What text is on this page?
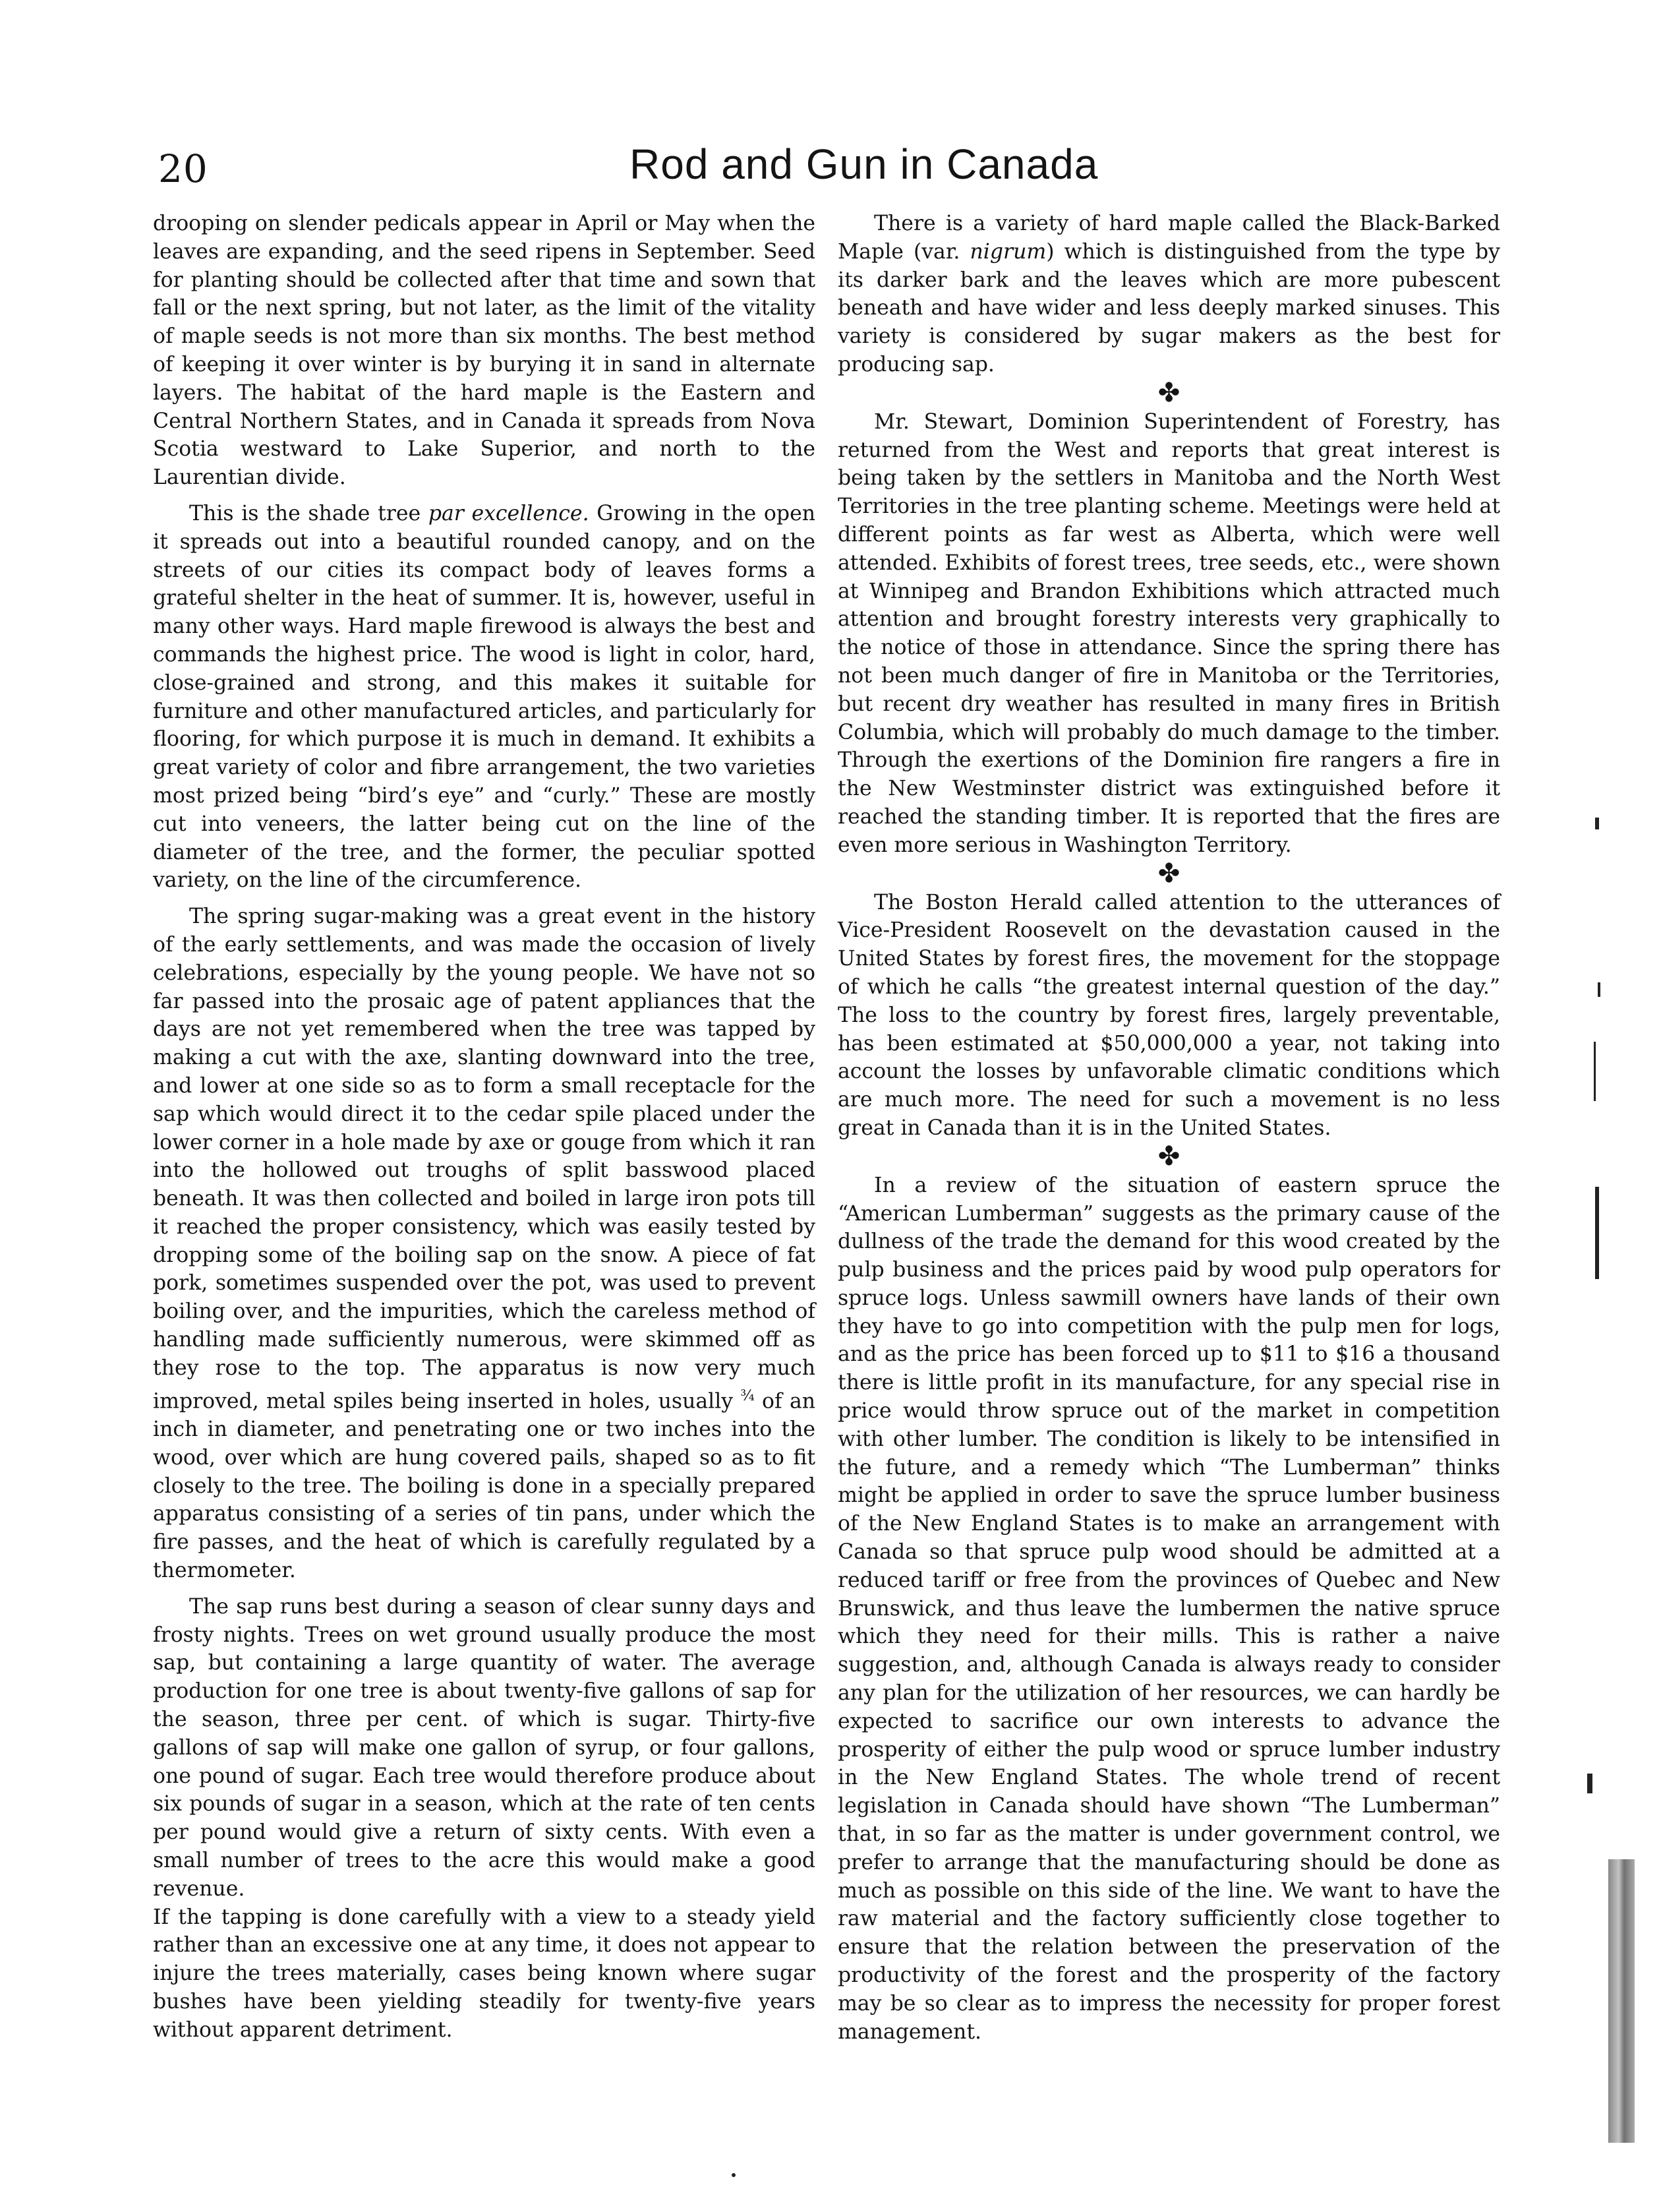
20	Rod and Gun in Canada

drooping on slender pedicals appear in April or May when the leaves are expanding, and the seed ripens in September. Seed for planting should be collected after that time and sown that fall or the next spring, but not later, as the limit of the vitality of maple seeds is not more than six months. The best method of keeping it over winter is by burying it in sand in alternate layers. The habitat of the hard maple is the Eastern and Central Northern States, and in Canada it spreads from Nova Scotia westward to Lake Superior, and north to the Laurentian divide.

This is the shade tree par excellence. Growing in the open it spreads out into a beautiful rounded canopy, and on the streets of our cities its compact body of leaves forms a grateful shelter in the heat of summer. It is, however, useful in many other ways. Hard maple firewood is always the best and commands the highest price. The wood is light in color, hard, close-grained and strong, and this makes it suitable for furniture and other manufactured articles, and particularly for flooring, for which purpose it is much in demand. It exhibits a great variety of color and fibre arrangement, the two varieties most prized being “bird’s eye” and “curly.” These are mostly cut into veneers, the latter being cut on the line of the diameter of the tree, and the former, the peculiar spotted variety, on the line of the circumference.

The spring sugar-making was a great event in the history of the early settlements, and was made the occasion of lively celebrations, especially by the young people. We have not so far passed into the prosaic age of patent appliances that the days are not yet remembered when the tree was tapped by making a cut with the axe, slanting downward into the tree, and lower at one side so as to form a small receptacle for the sap which would direct it to the cedar spile placed under the lower corner in a hole made by axe or gouge from which it ran into the hollowed out troughs of split basswood placed beneath. It was then collected and boiled in large iron pots till it reached the proper consistency, which was easily tested by dropping some of the boiling sap on the snow. A piece of fat pork, sometimes suspended over the pot, was used to prevent boiling over, and the impurities, which the careless method of handling made sufficiently numerous, were skimmed off as they rose to the top. The apparatus is now very much improved, metal spiles being inserted in holes, usually $^{\frac{3}{4}}$ of an inch in diameter, and penetrating one or two inches into the wood, over which are hung covered pails, shaped so as to fit closely to the tree. The boiling is done in a specially prepared apparatus consisting of a series of tin pans, under which the fire passes, and the heat of which is carefully regulated by a thermometer.

The sap runs best during a season of clear sunny days and frosty nights. Trees on wet ground usually produce the most sap, but containing a large quantity of water. The average production for one tree is about twenty-five gallons of sap for the season, three per cent. of which is sugar. Thirty-five gallons of sap will make one gallon of syrup, or four gallons, one pound of sugar. Each tree would therefore produce about six pounds of sugar in a season, which at the rate of ten cents per pound would give a return of sixty cents. With even a small number of trees to the acre this would make a good revenue.

If the tapping is done carefully with a view to a steady yield rather than an excessive one at any time, it does not appear to injure the trees materially, cases being known where sugar bushes have been yielding steadily for twenty-five years without apparent detriment.

There is a variety of hard maple called the Black-Barked Maple (var. nigrum) which is distinguished from the type by its darker bark and the leaves which are more pubescent beneath and have wider and less deeply marked sinuses. This variety is considered by sugar makers as the best for producing sap.

✤

Mr. Stewart, Dominion Superintendent of Forestry, has returned from the West and reports that great interest is being taken by the settlers in Manitoba and the North West Territories in the tree planting scheme. Meetings were held at different points as far west as Alberta, which were well attended. Exhibits of forest trees, tree seeds, etc., were shown at Winnipeg and Brandon Exhibitions which attracted much attention and brought forestry interests very graphically to the notice of those in attendance. Since the spring there has not been much danger of fire in Manitoba or the Territories, but recent dry weather has resulted in many fires in British Columbia, which will probably do much damage to the timber. Through the exertions of the Dominion fire rangers a fire in the New Westminster district was extinguished before it reached the standing timber. It is reported that the fires are even more serious in Washington Territory.

✤

The Boston Herald called attention to the utterances of Vice-President Roosevelt on the devastation caused in the United States by forest fires, the movement for the stoppage of which he calls “the greatest internal question of the day.” The loss to the country by forest fires, largely preventable, has been estimated at $50,000,000 a year, not taking into account the losses by unfavorable climatic conditions which are much more. The need for such a movement is no less great in Canada than it is in the United States.

✤

In a review of the situation of eastern spruce the “American Lumberman” suggests as the primary cause of the dullness of the trade the demand for this wood created by the pulp business and the prices paid by wood pulp operators for spruce logs. Unless sawmill owners have lands of their own they have to go into competition with the pulp men for logs, and as the price has been forced up to $11 to $16 a thousand there is little profit in its manufacture, for any special rise in price would throw spruce out of the market in competition with other lumber. The condition is likely to be intensified in the future, and a remedy which “The Lumberman” thinks might be applied in order to save the spruce lumber business of the New England States is to make an arrangement with Canada so that spruce pulp wood should be admitted at a reduced tariff or free from the provinces of Quebec and New Brunswick, and thus leave the lumbermen the native spruce which they need for their mills. This is rather a naive suggestion, and, although Canada is always ready to consider any plan for the utilization of her resources, we can hardly be expected to sacrifice our own interests to advance the prosperity of either the pulp wood or spruce lumber industry in the New England States. The whole trend of recent legislation in Canada should have shown “The Lumberman” that, in so far as the matter is under government control, we prefer to arrange that the manufacturing should be done as much as possible on this side of the line. We want to have the raw material and the factory sufficiently close together to ensure that the relation between the preservation of the productivity of the forest and the prosperity of the factory may be so clear as to impress the necessity for proper forest management.
